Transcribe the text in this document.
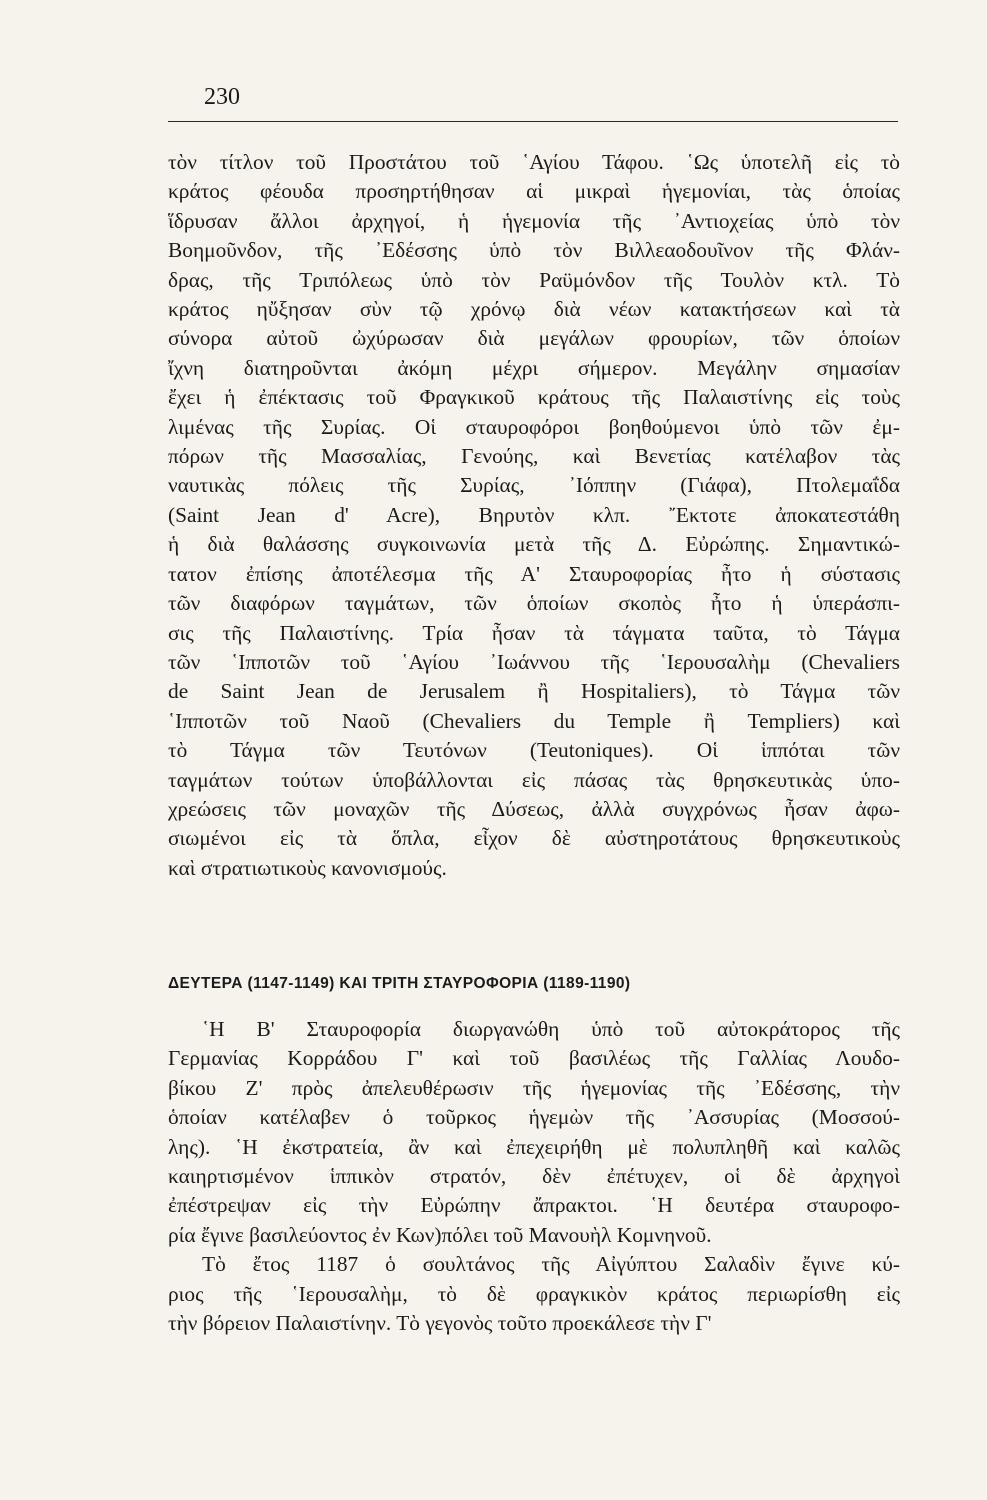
230
τὸν τίτλον τοῦ Προστάτου τοῦ ῾Αγίου Τάφου. ῾Ως ὑποτελῆ εἰς τὸ
κράτος φέουδα προσηρτήθησαν αἱ μικραὶ ἡγεμονίαι, τὰς ὁποίας
ἵδρυσαν ἄλλοι ἀρχηγοί, ἡ ἡγεμονία τῆς ᾿Αντιοχείας ὑπὸ τὸν
Βοημοῦνδον, τῆς ᾿Εδέσσης ὑπὸ τὸν Βιλλεαοδουῖνον τῆς Φλάν-
δρας, τῆς Τριπόλεως ὑπὸ τὸν Ραϋμόνδον τῆς Τουλὸν κτλ. Τὸ
κράτος ηὔξησαν σὺν τῷ χρόνῳ διὰ νέων κατακτήσεων καὶ τὰ
σύνορα αὐτοῦ ὠχύρωσαν διὰ μεγάλων φρουρίων, τῶν ὁποίων
ἴχνη διατηροῦνται ἀκόμη μέχρι σήμερον. Μεγάλην σημασίαν
ἔχει ἡ ἐπέκτασις τοῦ Φραγκικοῦ κράτους τῆς Παλαιστίνης εἰς τοὺς
λιμένας τῆς Συρίας. Οἱ σταυροφόροι βοηθούμενοι ὑπὸ τῶν ἐμ-
πόρων τῆς Μασσαλίας, Γενούης, καὶ Βενετίας κατέλαβον τὰς
ναυτικὰς πόλεις τῆς Συρίας, ᾿Ιόππην (Γιάφα), Πτολεμαΐδα
(Saint Jean d' Acre), Βηρυτὸν κλπ. ῎Εκτοτε ἀποκατεστάθη
ἡ διὰ θαλάσσης συγκοινωνία μετὰ τῆς Δ. Εὐρώπης. Σημαντικώ-
τατον ἐπίσης ἀποτέλεσμα τῆς Α' Σταυροφορίας ἦτο ἡ σύστασις
τῶν διαφόρων ταγμάτων, τῶν ὁποίων σκοπὸς ἦτο ἡ ὑπεράσπι-
σις τῆς Παλαιστίνης. Τρία ἦσαν τὰ τάγματα ταῦτα, τὸ Τάγμα
τῶν ῾Ιπποτῶν τοῦ ῾Αγίου ᾿Ιωάννου τῆς ῾Ιερουσαλὴμ (Chevaliers
de Saint Jean de Jerusalem ἢ Hospitaliers), τὸ Τάγμα τῶν
῾Ιπποτῶν τοῦ Ναοῦ (Chevaliers du Temple ἢ Templiers) καὶ
τὸ Τάγμα τῶν Τευτόνων (Teutoniques). Οἱ ἱππόται τῶν
ταγμάτων τούτων ὑποβάλλονται εἰς πάσας τὰς θρησκευτικὰς ὑπο-
χρεώσεις τῶν μοναχῶν τῆς Δύσεως, ἀλλὰ συγχρόνως ἦσαν ἀφω-
σιωμένοι εἰς τὰ ὅπλα, εἶχον δὲ αὐστηροτάτους θρησκευτικοὺς
καὶ στρατιωτικοὺς κανονισμούς.
ΔΕΥΤΕΡΑ (1147-1149) ΚΑΙ ΤΡΙΤΗ ΣΤΑΥΡΟΦΟΡΙΑ (1189-1190)
῾Η Β' Σταυροφορία διωργανώθη ὑπὸ τοῦ αὐτοκράτορος τῆς
Γερμανίας Κορράδου Γ' καὶ τοῦ βασιλέως τῆς Γαλλίας Λουδο-
βίκου Ζ' πρὸς ἀπελευθέρωσιν τῆς ἡγεμονίας τῆς ᾿Εδέσσης, τὴν
ὁποίαν κατέλαβεν ὁ τοῦρκος ἡγεμὼν τῆς ᾿Ασσυρίας (Μοσσού-
λης). ῾Η ἐκστρατεία, ἂν καὶ ἐπεχειρήθη μὲ πολυπληθῆ καὶ καλῶς
καιηρτισμένον ἱππικὸν στρατόν, δὲν ἐπέτυχεν, οἱ δὲ ἀρχηγοὶ
ἐπέστρεψαν εἰς τὴν Εὐρώπην ἄπρακτοι. ῾Η δευτέρα σταυροφο-
ρία ἔγινε βασιλεύοντος ἐν Κων)πόλει τοῦ Μανουὴλ Κομνηνοῦ.
Τὸ ἔτος 1187 ὁ σουλτάνος τῆς Αἰγύπτου Σαλαδὶν ἔγινε κύ-
ριος τῆς ῾Ιερουσαλὴμ, τὸ δὲ φραγκικὸν κράτος περιωρίσθη εἰς
τὴν βόρειον Παλαιστίνην. Τὸ γεγονὸς τοῦτο προεκάλεσε τὴν Γ'
